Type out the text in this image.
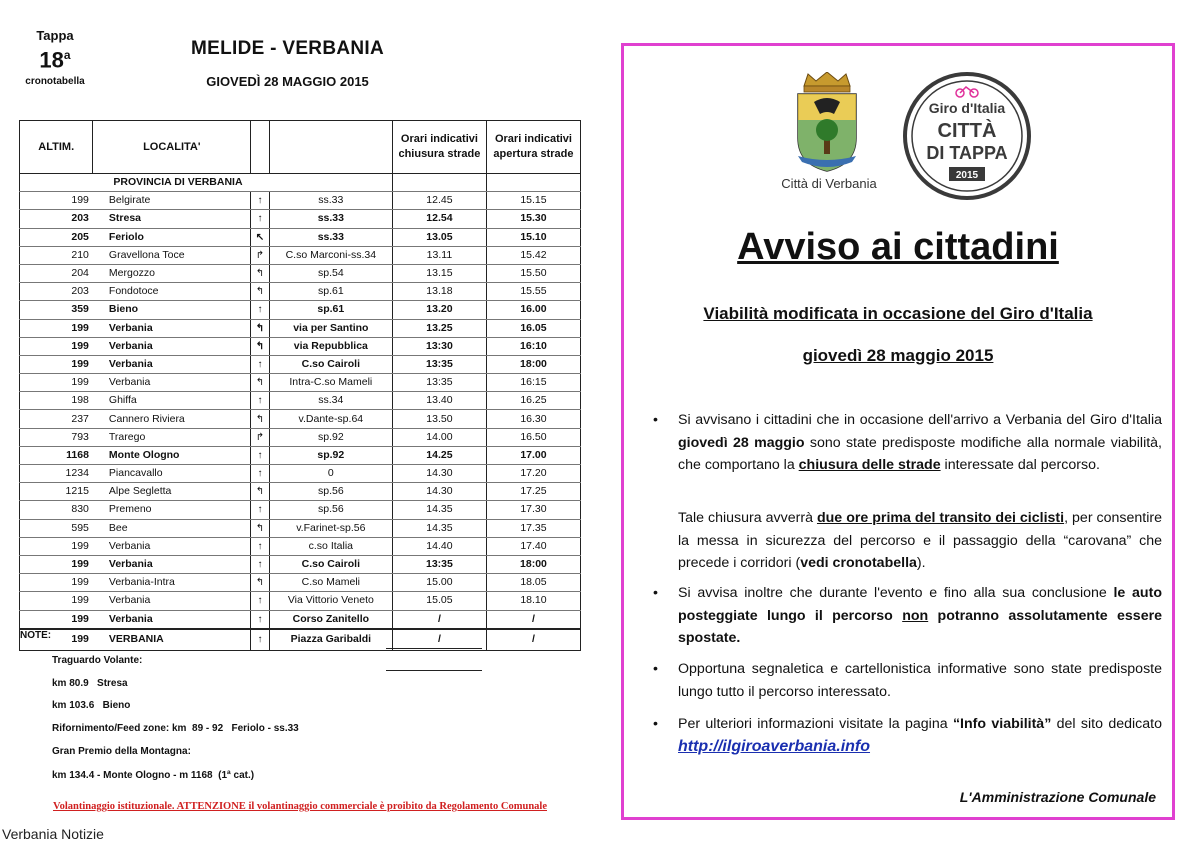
Tappa
18$^a$
cronotabella
MELIDE - VERBANIA
GIOVEDÌ 28 MAGGIO 2015
ALTIM.	LOCALITA'			Orari indicativi chiusura strade	Orari indicativi apertura strade
	PROVINCIA DI VERBANIA				
199	Belgirate	↑	ss.33	12.45	15.15
203	Stresa	↑	ss.33	12.54	15.30
205	Feriolo	↖	ss.33	13.05	15.10
210	Gravellona Toce	↱	C.so Marconi-ss.34	13.11	15.42
204	Mergozzo	↰	sp.54	13.15	15.50
203	Fondotoce	↰	sp.61	13.18	15.55
359	Bieno	↑	sp.61	13.20	16.00
199	Verbania	↰	via per Santino	13.25	16.05
199	Verbania	↰	via Repubblica	13:30	16:10
199	Verbania	↑	C.so Cairoli	13:35	18:00
199	Verbania	↰	Intra-C.so Mameli	13:35	16:15
198	Ghiffa	↑	ss.34	13.40	16.25
237	Cannero Riviera	↰	v.Dante-sp.64	13.50	16.30
793	Trarego	↱	sp.92	14.00	16.50
1168	Monte Ologno	↑	sp.92	14.25	17.00
1234	Piancavallo	↑	0	14.30	17.20
1215	Alpe Segletta	↰	sp.56	14.30	17.25
830	Premeno	↑	sp.56	14.35	17.30
595	Bee	↰	v.Farinet-sp.56	14.35	17.35
199	Verbania	↑	c.so Italia	14.40	17.40
199	Verbania	↑	C.so Cairoli	13:35	18:00
199	Verbania-Intra	↰	C.so Mameli	15.00	18.05
199	Verbania	↑	Via Vittorio Veneto	15.05	18.10
199	Verbania	↑	Corso Zanitello	/	/
199	VERBANIA	↑	Piazza Garibaldi	/	/
NOTE:
Traguardo Volante:
km 80.9   Stresa
km 103.6   Bieno
Rifornimento/Feed zone: km  89 - 92   Feriolo - ss.33
Gran Premio della Montagna:
km 134.4 - Monte Ologno - m 1168  (1ª cat.)
Volantinaggio istituzionale. ATTENZIONE il volantinaggio commerciale è proibito da Regolamento Comunale
Verbania Notizie
Città di Verbania
Giro d'Italia
CITTÀ
DI TAPPA
2015
Avviso ai cittadini
Viabilità modificata in occasione del Giro d'Italia
giovedì 28 maggio 2015
• Si avvisano i cittadini che in occasione dell'arrivo a Verbania del Giro d'Italia giovedì 28 maggio sono state predisposte modifiche alla normale viabilità, che comportano la chiusura delle strade interessate dal percorso.
Tale chiusura avverrà due ore prima del transito dei ciclisti, per consentire la messa in sicurezza del percorso e il passaggio della “carovana” che precede i corridori (vedi cronotabella).
• Si avvisa inoltre che durante l'evento e fino alla sua conclusione le auto posteggiate lungo il percorso non potranno assolutamente essere spostate.
• Opportuna segnaletica e cartellonistica informative sono state predisposte lungo tutto il percorso interessato.
• Per ulteriori informazioni visitate la pagina “Info viabilità” del sito dedicato http://ilgiroaverbania.info
L'Amministrazione Comunale
